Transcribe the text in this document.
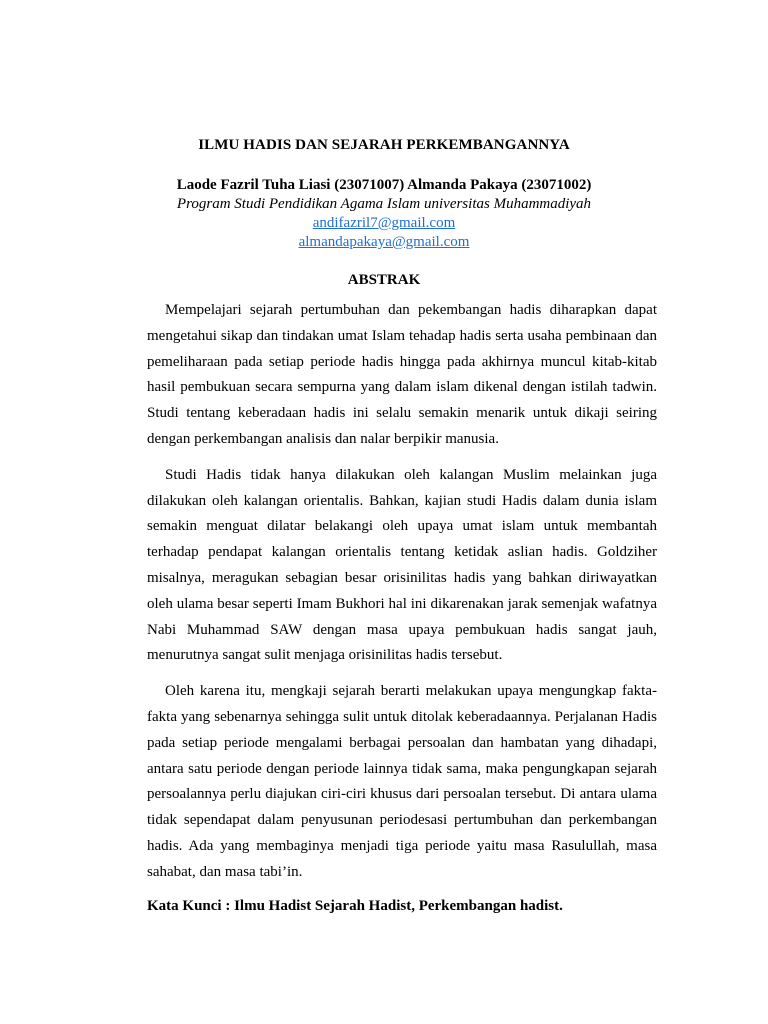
ILMU HADIS DAN SEJARAH PERKEMBANGANNYA
Laode Fazril Tuha Liasi (23071007) Almanda Pakaya (23071002)
Program Studi Pendidikan Agama Islam universitas Muhammadiyah
andifazril7@gmail.com
almandapakaya@gmail.com
ABSTRAK

Mempelajari sejarah pertumbuhan dan pekembangan hadis diharapkan dapat mengetahui sikap dan tindakan umat Islam tehadap hadis serta usaha pembinaan dan pemeliharaan pada setiap periode hadis hingga pada akhirnya muncul kitab-kitab hasil pembukuan secara sempurna yang dalam islam dikenal dengan istilah tadwin. Studi tentang keberadaan hadis ini selalu semakin menarik untuk dikaji seiring dengan perkembangan analisis dan nalar berpikir manusia.

Studi Hadis tidak hanya dilakukan oleh kalangan Muslim melainkan juga dilakukan oleh kalangan orientalis. Bahkan, kajian studi Hadis dalam dunia islam semakin menguat dilatar belakangi oleh upaya umat islam untuk membantah terhadap pendapat kalangan orientalis tentang ketidak aslian hadis. Goldziher misalnya, meragukan sebagian besar orisinilitas hadis yang bahkan diriwayatkan oleh ulama besar seperti Imam Bukhori hal ini dikarenakan jarak semenjak wafatnya Nabi Muhammad SAW dengan masa upaya pembukuan hadis sangat jauh, menurutnya sangat sulit menjaga orisinilitas hadis tersebut.

Oleh karena itu, mengkaji sejarah berarti melakukan upaya mengungkap fakta-fakta yang sebenarnya sehingga sulit untuk ditolak keberadaannya. Perjalanan Hadis pada setiap periode mengalami berbagai persoalan dan hambatan yang dihadapi, antara satu periode dengan periode lainnya tidak sama, maka pengungkapan sejarah persoalannya perlu diajukan ciri-ciri khusus dari persoalan tersebut. Di antara ulama tidak sependapat dalam penyusunan periodesasi pertumbuhan dan perkembangan hadis. Ada yang membaginya menjadi tiga periode yaitu masa Rasulullah, masa sahabat, dan masa tabi’in.

Kata Kunci : Ilmu Hadist Sejarah Hadist, Perkembangan hadist.
